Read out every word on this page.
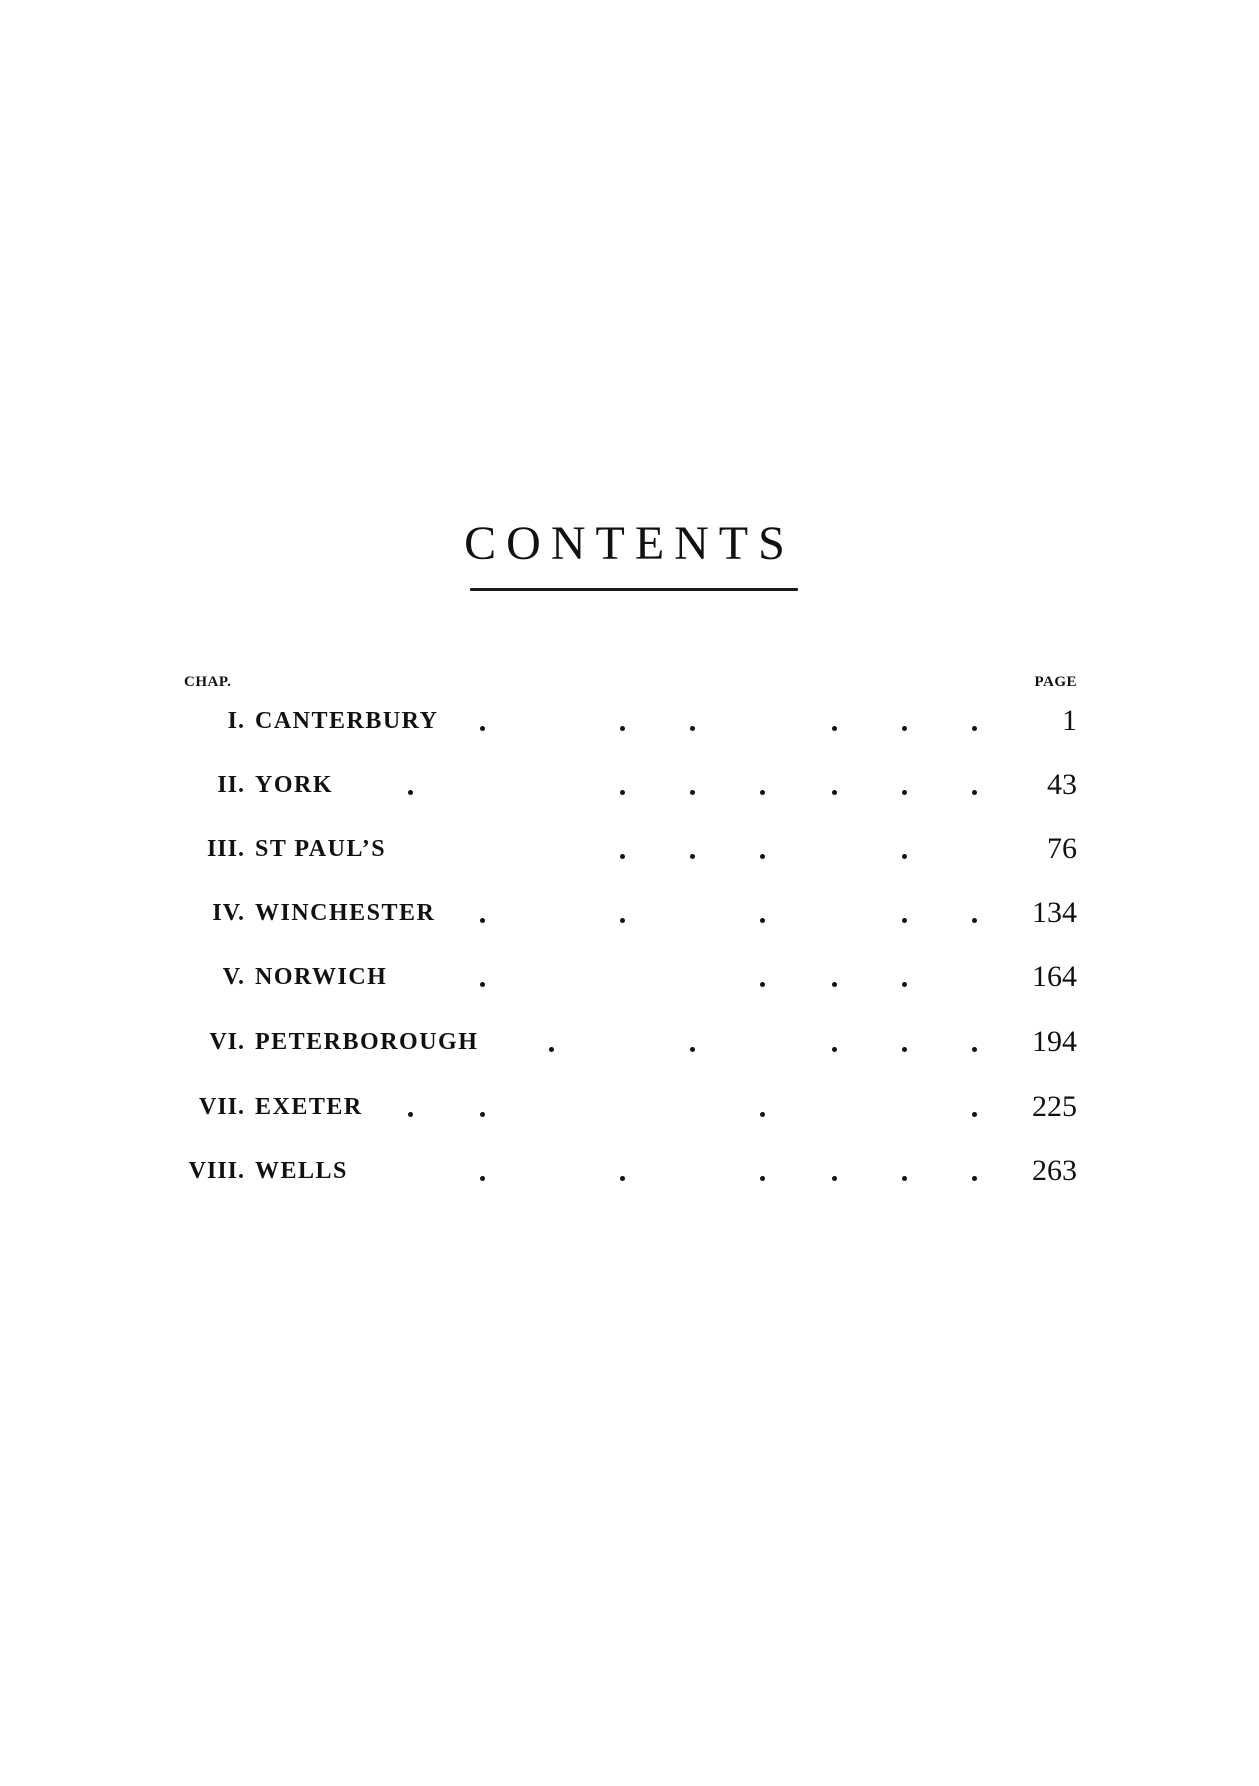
CONTENTS
CHAP.	PAGE
I. CANTERBURY	1
II. YORK	43
III. ST PAUL’S	76
IV. WINCHESTER	134
V. NORWICH	164
VI. PETERBOROUGH	194
VII. EXETER	225
VIII. WELLS	263
